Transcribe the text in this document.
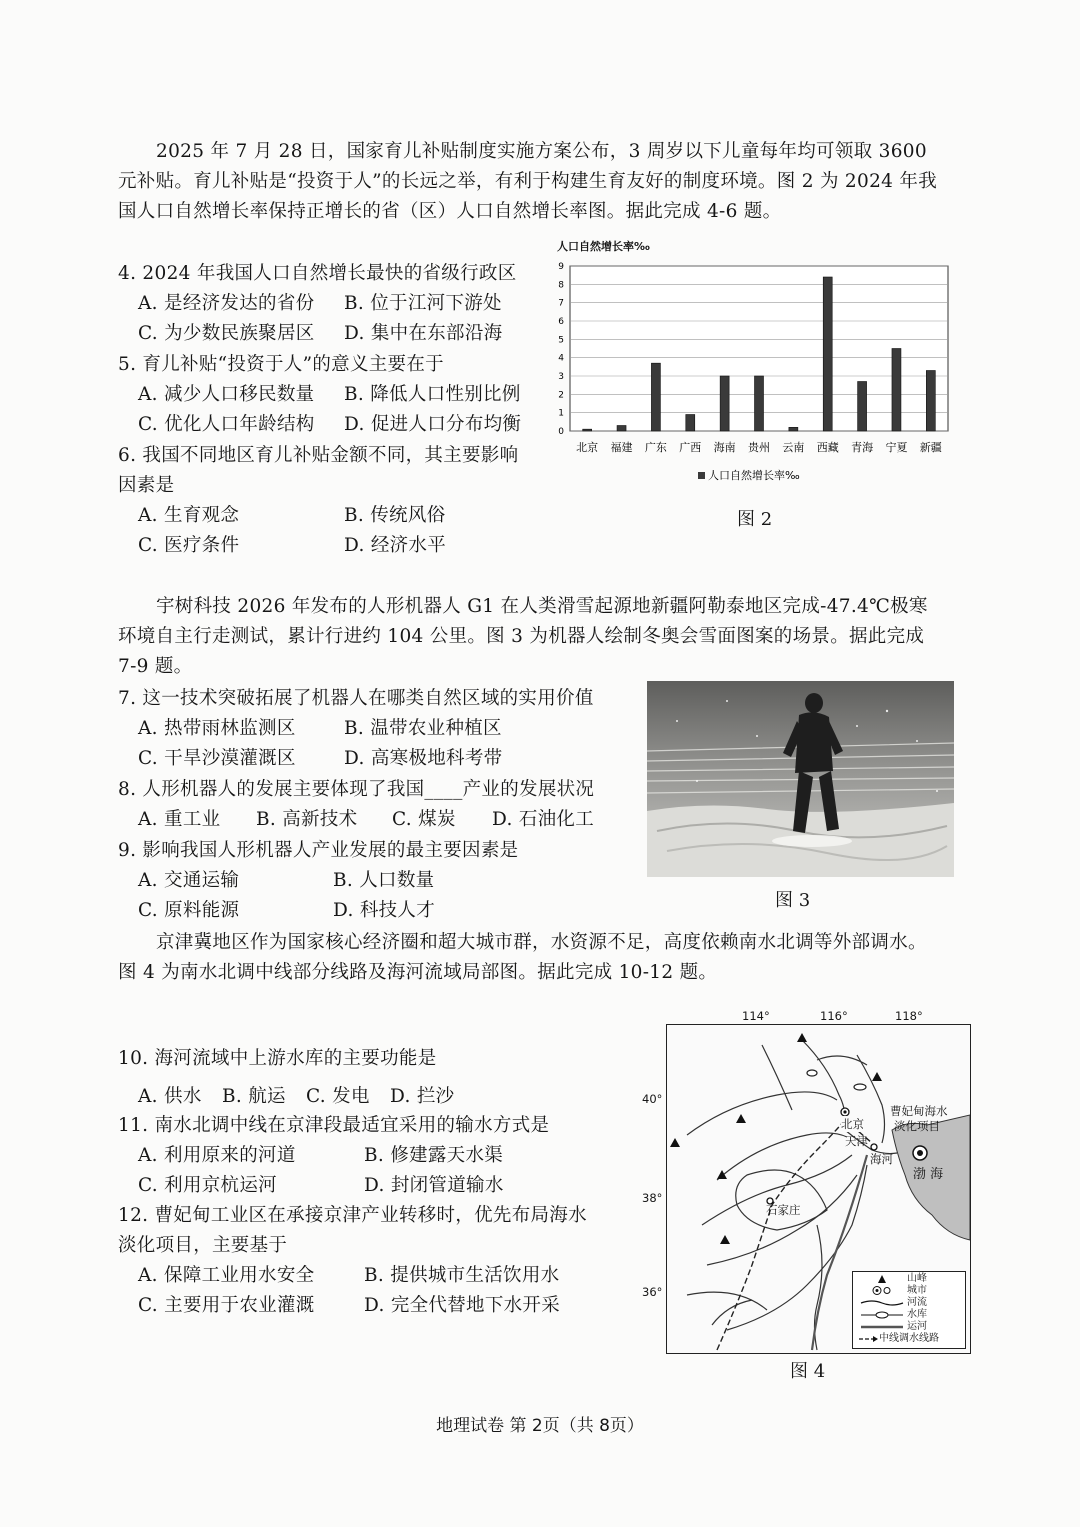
2025 年 7 月 28 日，国家育儿补贴制度实施方案公布，3 周岁以下儿童每年均可领取 3600 元补贴。育儿补贴是“投资于人”的长远之举，有利于构建生育友好的制度环境。图 2 为 2024 年我国人口自然增长率保持正增长的省（区）人口自然增长率图。据此完成 4-6 题。

4. 2024 年我国人口自然增长最快的省级行政区
A. 是经济发达的省份 B. 位于江河下游处
C. 为少数民族聚居区 D. 集中在东部沿海
5. 育儿补贴“投资于人”的意义主要在于
A. 减少人口移民数量 B. 降低人口性别比例
C. 优化人口年龄结构 D. 促进人口分布均衡
6. 我国不同地区育儿补贴金额不同，其主要影响
因素是
A. 生育观念	B. 传统风俗
C. 医疗条件	D. 经济水平
人口自然增长率‰
0
1
2
3
4
5
6
7
8
9
北京 福建 广东 广西 海南 贵州 云南 西藏 青海 宁夏 新疆
人口自然增长率‰
图 2

宇树科技 2026 年发布的人形机器人 G1 在人类滑雪起源地新疆阿勒泰地区完成-47.4℃极寒环境自主行走测试，累计行进约 104 公里。图 3 为机器人绘制冬奥会雪面图案的场景。据此完成 7-9 题。

7. 这一技术突破拓展了机器人在哪类自然区域的实用价值
A. 热带雨林监测区	B. 温带农业种植区
C. 干旱沙漠灌溉区	D. 高寒极地科考带
8. 人形机器人的发展主要体现了我国____产业的发展状况
A. 重工业 B. 高新技术 C. 煤炭 D. 石油化工
9. 影响我国人形机器人产业发展的最主要因素是
A. 交通运输	B. 人口数量
C. 原料能源	D. 科技人才	图 3

京津冀地区作为国家核心经济圈和超大城市群，水资源不足，高度依赖南水北调等外部调水。图 4 为南水北调中线部分线路及海河流域局部图。据此完成 10-12 题。

10. 海河流域中上游水库的主要功能是
A. 供水 B. 航运 C. 发电 D. 拦沙
11. 南水北调中线在京津段最适宜采用的输水方式是
A. 利用原来的河道	B. 修建露天水渠
C. 利用京杭运河	D. 封闭管道输水
12. 曹妃甸工业区在承接京津产业转移时，优先布局海水
淡化项目，主要基于
A. 保障工业用水安全	B. 提供城市生活饮用水
C. 主要用于农业灌溉	D. 完全代替地下水开采
114°	116°	118°
40°
38°
36°
北京
天津
石家庄
海河
渤 海
曹妃甸海水
淡化项目
山峰
城市
河流
水库
运河
中线调水线路
图 4
地理试卷 第 2页（共 8页）
